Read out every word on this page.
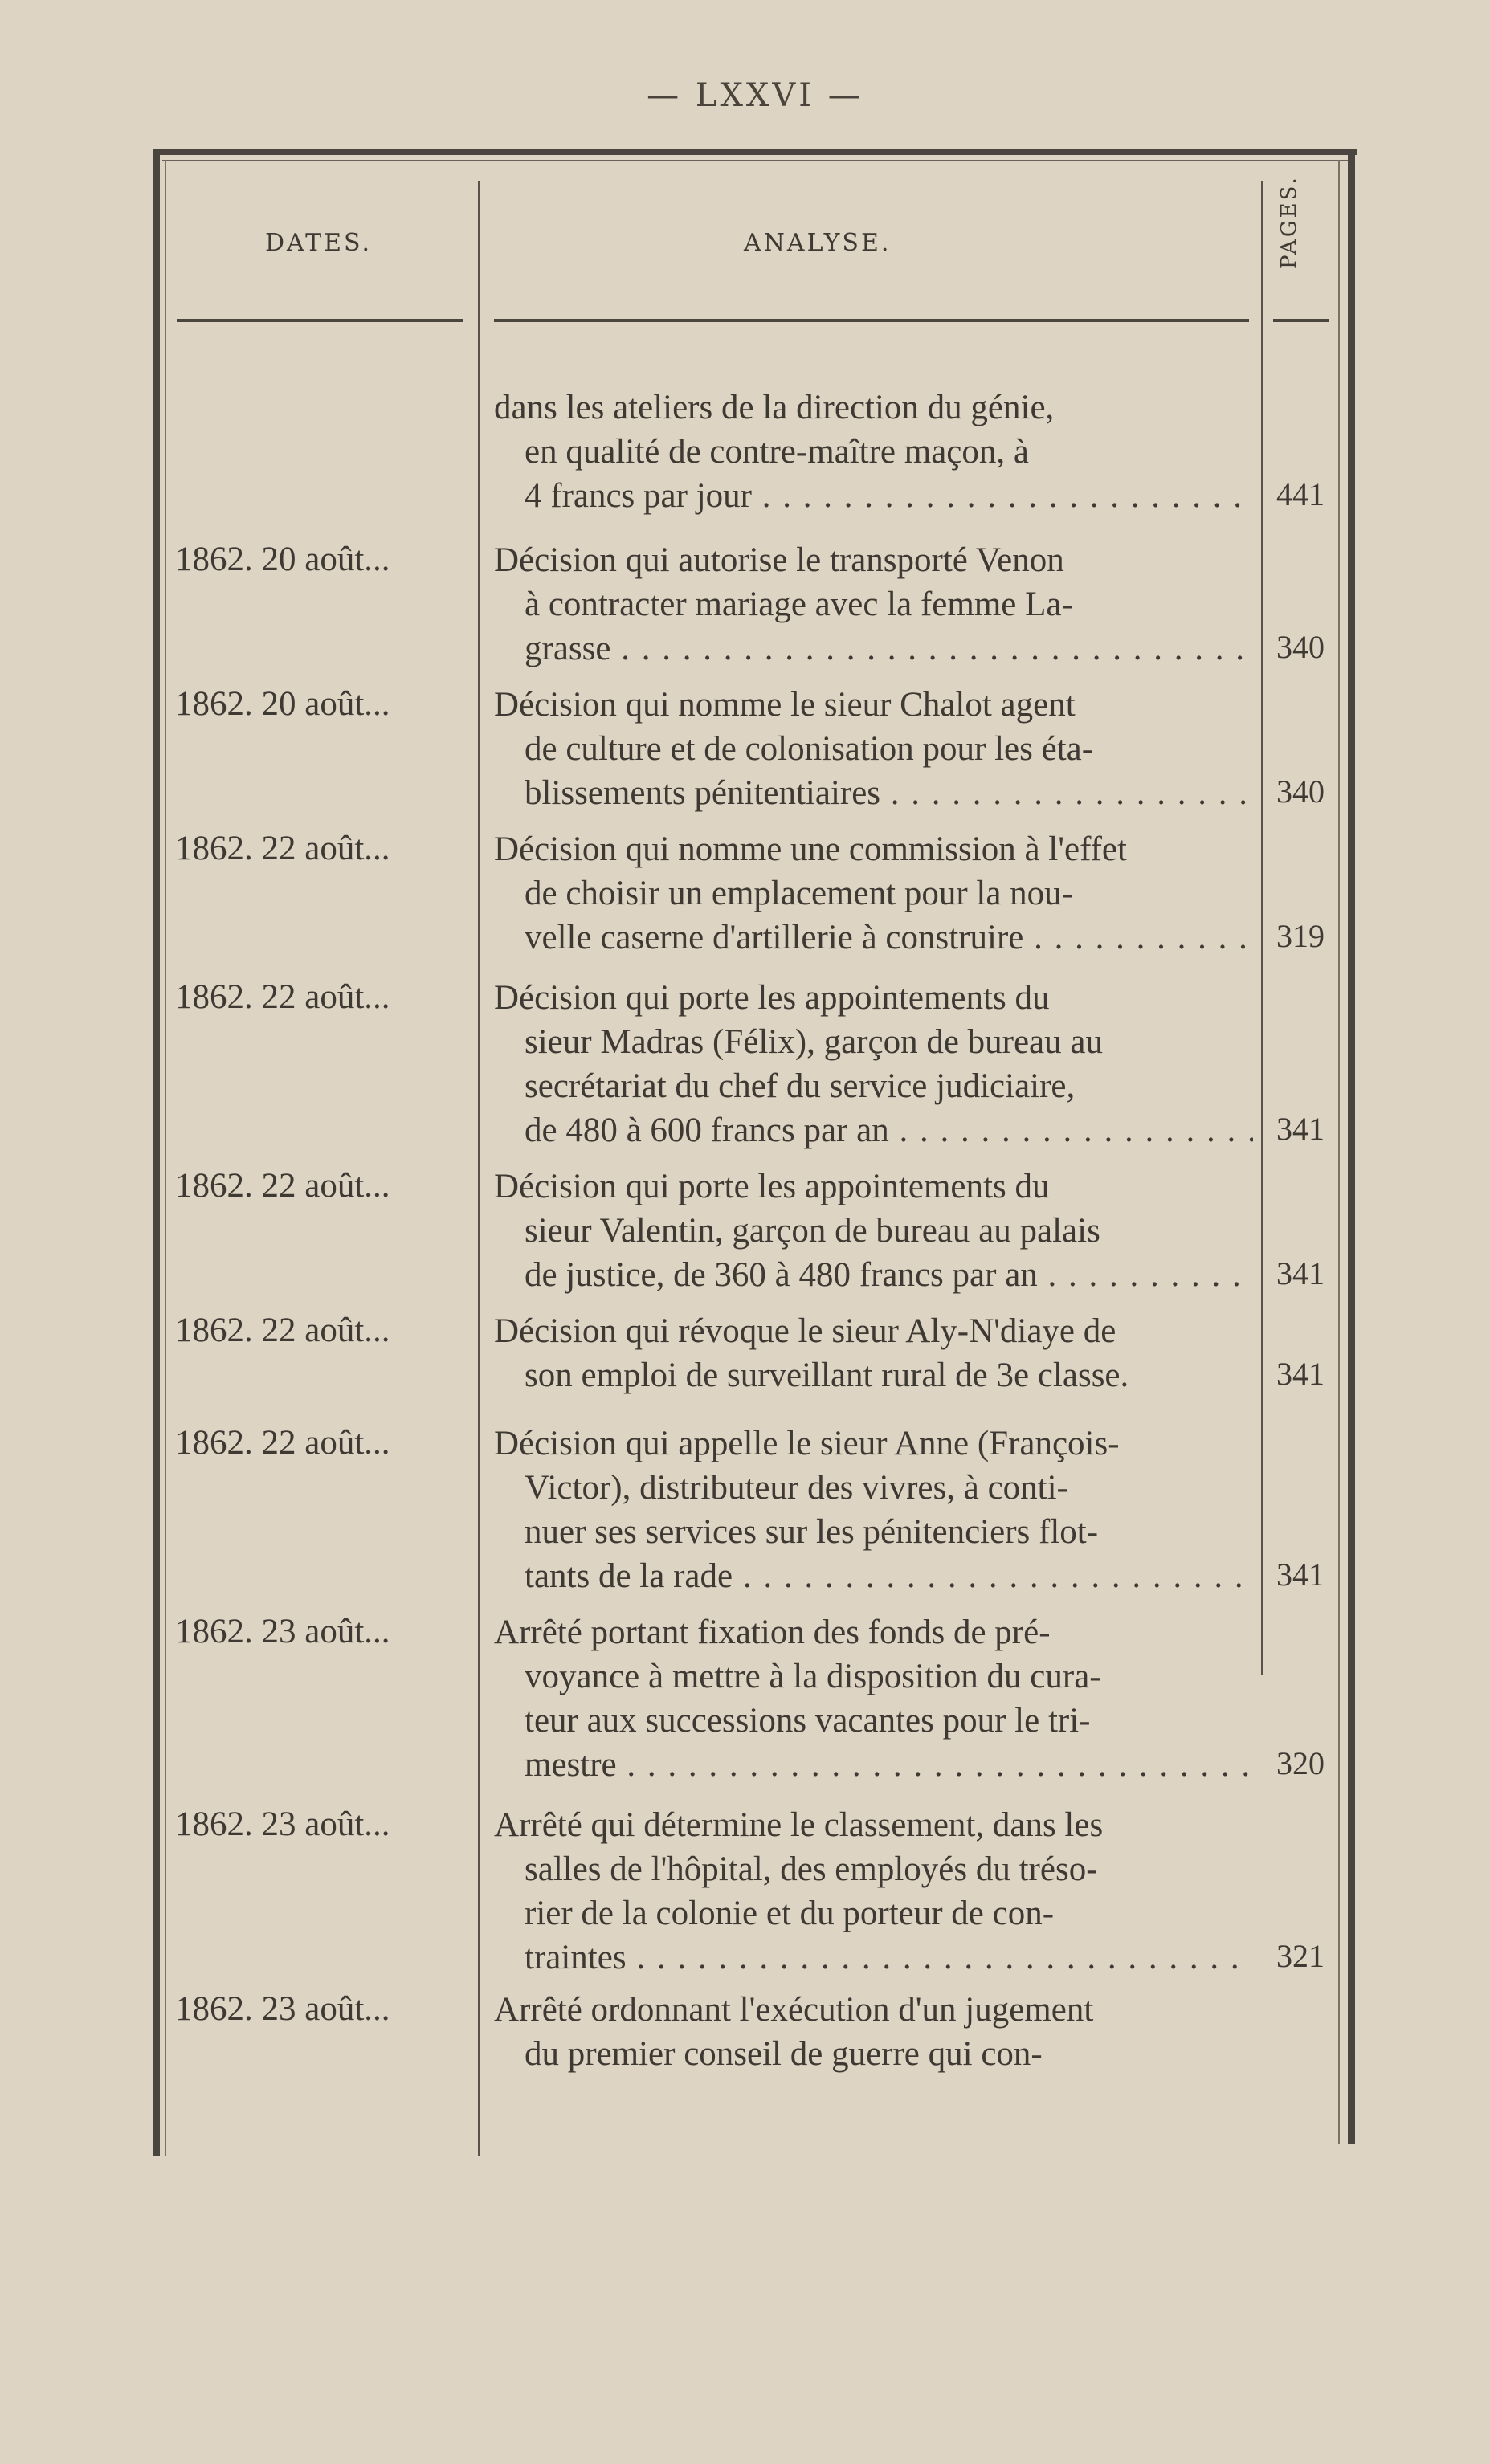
— LXXVI —
DATES.	ANALYSE.	PAGES.
dans les ateliers de la direction du génie,
en qualité de contre-maître maçon, à
4 francs par jour . . .	441
1862. 20 août...	Décision qui autorise le transporté Venon
à contracter mariage avec la femme La-
grasse . . .	340
1862. 20 août...	Décision qui nomme le sieur Chalot agent
de culture et de colonisation pour les éta-
blissements pénitentiaires . . .	340
1862. 22 août...	Décision qui nomme une commission à l'effet
de choisir un emplacement pour la nou-
velle caserne d'artillerie à construire . . .	319
1862. 22 août...	Décision qui porte les appointements du
sieur Madras (Félix), garçon de bureau au
secrétariat du chef du service judiciaire,
de 480 à 600 francs par an . . .	341
1862. 22 août...	Décision qui porte les appointements du
sieur Valentin, garçon de bureau au palais
de justice, de 360 à 480 francs par an . . .	341
1862. 22 août...	Décision qui révoque le sieur Aly-N'diaye de
son emploi de surveillant rural de 3e classe.	341
1862. 22 août...	Décision qui appelle le sieur Anne (François-
Victor), distributeur des vivres, à conti-
nuer ses services sur les pénitenciers flot-
tants de la rade . . .	341
1862. 23 août...	Arrêté portant fixation des fonds de pré-
voyance à mettre à la disposition du cura-
teur aux successions vacantes pour le tri-
mestre . . .	320
1862. 23 août...	Arrêté qui détermine le classement, dans les
salles de l'hôpital, des employés du tréso-
rier de la colonie et du porteur de con-
traintes . . .	321
1862. 23 août...	Arrêté ordonnant l'exécution d'un jugement
du premier conseil de guerre qui con-
